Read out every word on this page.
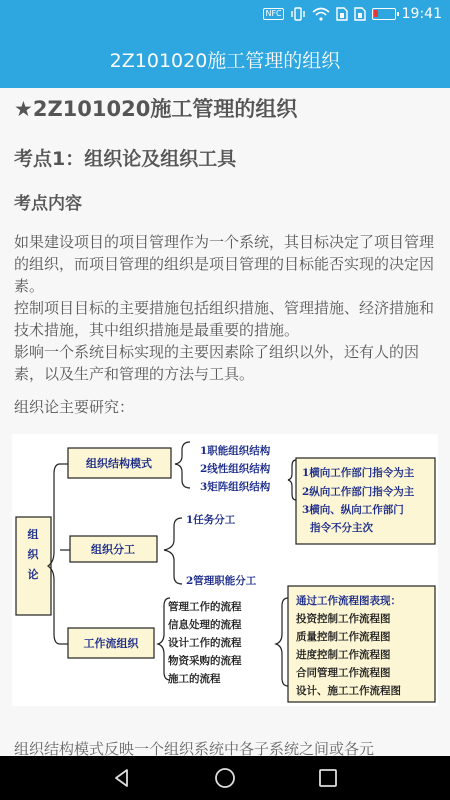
NFC	19:41
2Z101020施工管理的组织
★2Z101020施工管理的组织
考点1：组织论及组织工具
考点内容
如果建设项目的项目管理作为一个系统，其目标决定了项目管理的组织，而项目管理的组织是项目管理的目标能否实现的决定因素。
控制项目目标的主要措施包括组织措施、管理措施、经济措施和技术措施，其中组织措施是最重要的措施。
影响一个系统目标实现的主要因素除了组织以外，还有人的因素，以及生产和管理的方法与工具。
组织论主要研究：
组
织
论
组织结构模式
组织分工
工作流组织
1职能组织结构
2线性组织结构
3矩阵组织结构
1横向工作部门指令为主
2纵向工作部门指令为主
3横向、纵向工作部门
指令不分主次
1任务分工
2管理职能分工
管理工作的流程
信息处理的流程
设计工作的流程
物资采购的流程
施工的流程
通过工作流程图表现：
投资控制工作流程图
质量控制工作流程图
进度控制工作流程图
合同管理工作流程图
设计、施工工作流程图
组织结构模式反映一个组织系统中各子系统之间或各元
